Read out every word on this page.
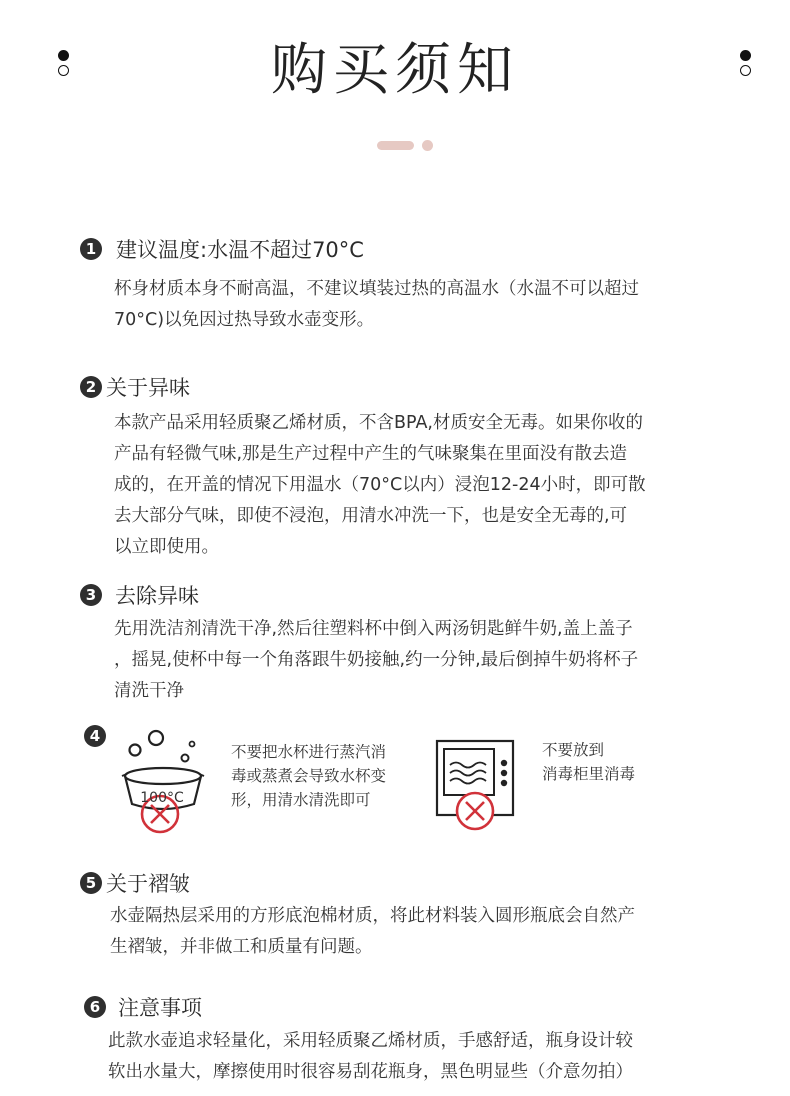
购买须知
1 建议温度:水温不超过70°C
杯身材质本身不耐高温，不建议填装过热的高温水（水温不可以超过
70°C)以免因过热导致水壶变形。
2 关于异味
本款产品采用轻质聚乙烯材质，不含BPA,材质安全无毒。如果你收的
产品有轻微气味,那是生产过程中产生的气味聚集在里面没有散去造
成的，在开盖的情况下用温水（70°C以内）浸泡12-24小时，即可散
去大部分气味，即使不浸泡，用清水冲洗一下，也是安全无毒的,可
以立即使用。
3 去除异味
先用洗洁剂清洗干净,然后往塑料杯中倒入两汤钥匙鲜牛奶,盖上盖子
，摇晃,使杯中每一个角落跟牛奶接触,约一分钟,最后倒掉牛奶将杯子
清洗干净
4
100°C
不要把水杯进行蒸汽消
毒或蒸煮会导致水杯变
形，用清水清洗即可
不要放到
消毒柜里消毒
5 关于褶皱
水壶隔热层采用的方形底泡棉材质，将此材料装入圆形瓶底会自然产
生褶皱，并非做工和质量有问题。
6 注意事项
此款水壶追求轻量化，采用轻质聚乙烯材质，手感舒适，瓶身设计较
软出水量大，摩擦使用时很容易刮花瓶身，黑色明显些（介意勿拍）
